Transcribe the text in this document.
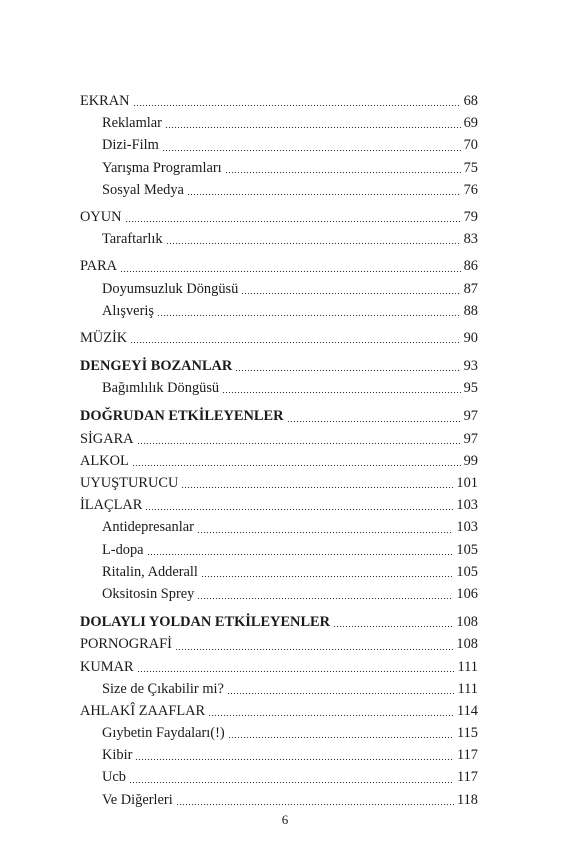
EKRAN	68
Reklamlar	69
Dizi-Film	70
Yarışma Programları	75
Sosyal Medya	76
OYUN	79
Taraftarlık	83
PARA	86
Doyumsuzluk Döngüsü	87
Alışveriş	88
MÜZİK	90
DENGEYİ BOZANLAR	93
Bağımlılık Döngüsü	95
DOĞRUDAN ETKİLEYENLER	97
SİGARA	97
ALKOL	99
UYUŞTURUCU	101
İLAÇLAR	103
Antidepresanlar	103
L-dopa	105
Ritalin, Adderall	105
Oksitosin Sprey	106
DOLAYLI YOLDAN ETKİLEYENLER	108
PORNOGRAFİ	108
KUMAR	111
Size de Çıkabilir mi?	111
AHLAKÎ ZAAFLAR	114
Gıybetin Faydaları(!)	115
Kibir	117
Ucb	117
Ve Diğerleri	118
6
